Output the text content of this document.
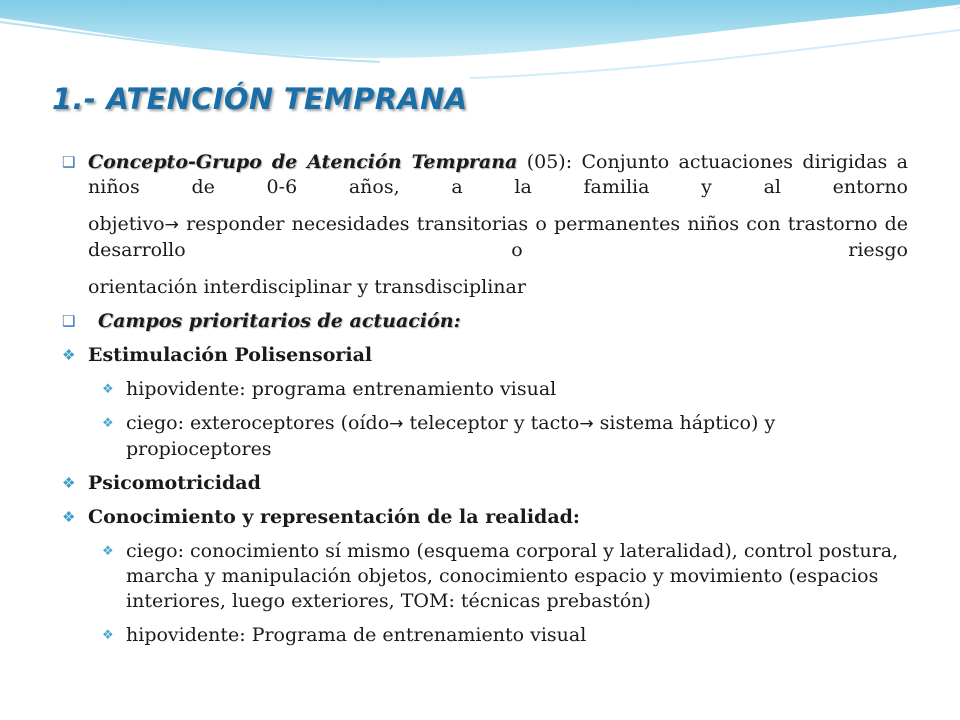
1.- ATENCIÓN TEMPRANA
❑ Concepto-Grupo de Atención Temprana (05): Conjunto actuaciones dirigidas a niños de 0-6 años, a la familia y al entorno
objetivo→ responder necesidades transitorias o permanentes niños con trastorno de desarrollo o riesgo
orientación interdisciplinar y transdisciplinar
❑ Campos prioritarios de actuación:
❖ Estimulación Polisensorial
❖ hipovidente: programa entrenamiento visual
❖ ciego: exteroceptores (oído→ teleceptor y tacto→ sistema háptico) y propioceptores
❖ Psicomotricidad
❖ Conocimiento y representación de la realidad:
❖ ciego: conocimiento sí mismo (esquema corporal y lateralidad), control postura, marcha y manipulación objetos, conocimiento espacio y movimiento (espacios interiores, luego exteriores, TOM: técnicas prebastón)
❖ hipovidente: Programa de entrenamiento visual
